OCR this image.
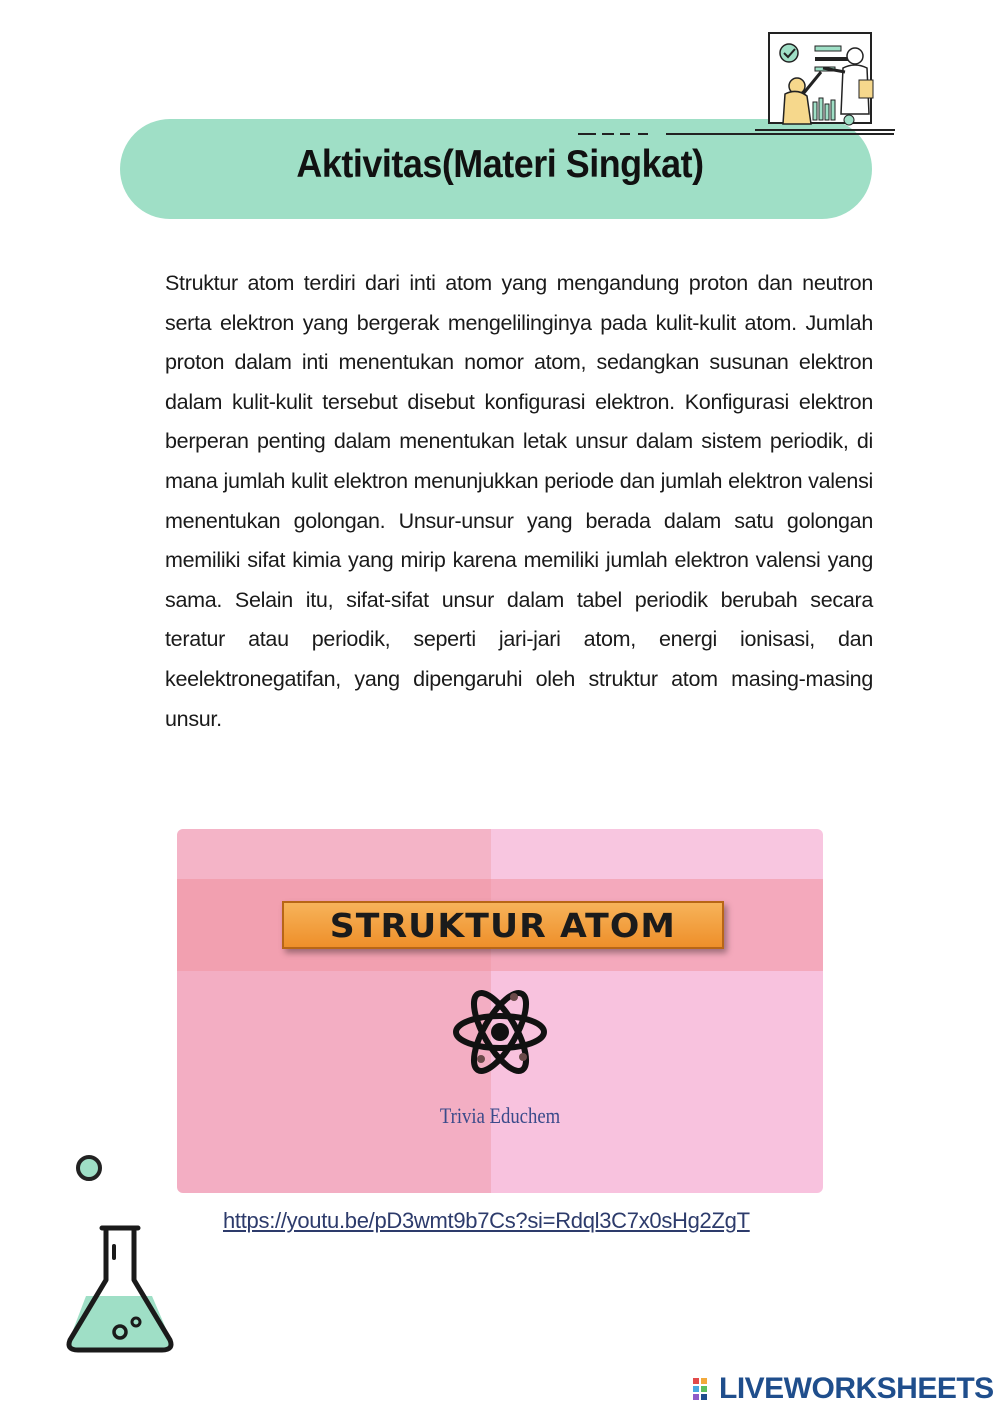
Aktivitas(Materi Singkat)
Struktur atom terdiri dari inti atom yang mengandung proton dan neutron serta elektron yang bergerak mengelilinginya pada kulit-kulit atom. Jumlah proton dalam inti menentukan nomor atom, sedangkan susunan elektron dalam kulit-kulit tersebut disebut konfigurasi elektron. Konfigurasi elektron berperan penting dalam menentukan letak unsur dalam sistem periodik, di mana jumlah kulit elektron menunjukkan periode dan jumlah elektron valensi menentukan golongan. Unsur-unsur yang berada dalam satu golongan memiliki sifat kimia yang mirip karena memiliki jumlah elektron valensi yang sama. Selain itu, sifat-sifat unsur dalam tabel periodik berubah secara teratur atau periodik, seperti jari-jari atom, energi ionisasi, dan keelektronegatifan, yang dipengaruhi oleh struktur atom masing-masing unsur.
STRUKTUR ATOM
Trivia Educhem
https://youtu.be/pD3wmt9b7Cs?si=Rdql3C7x0sHg2ZgT
LIVEWORKSHEETS
